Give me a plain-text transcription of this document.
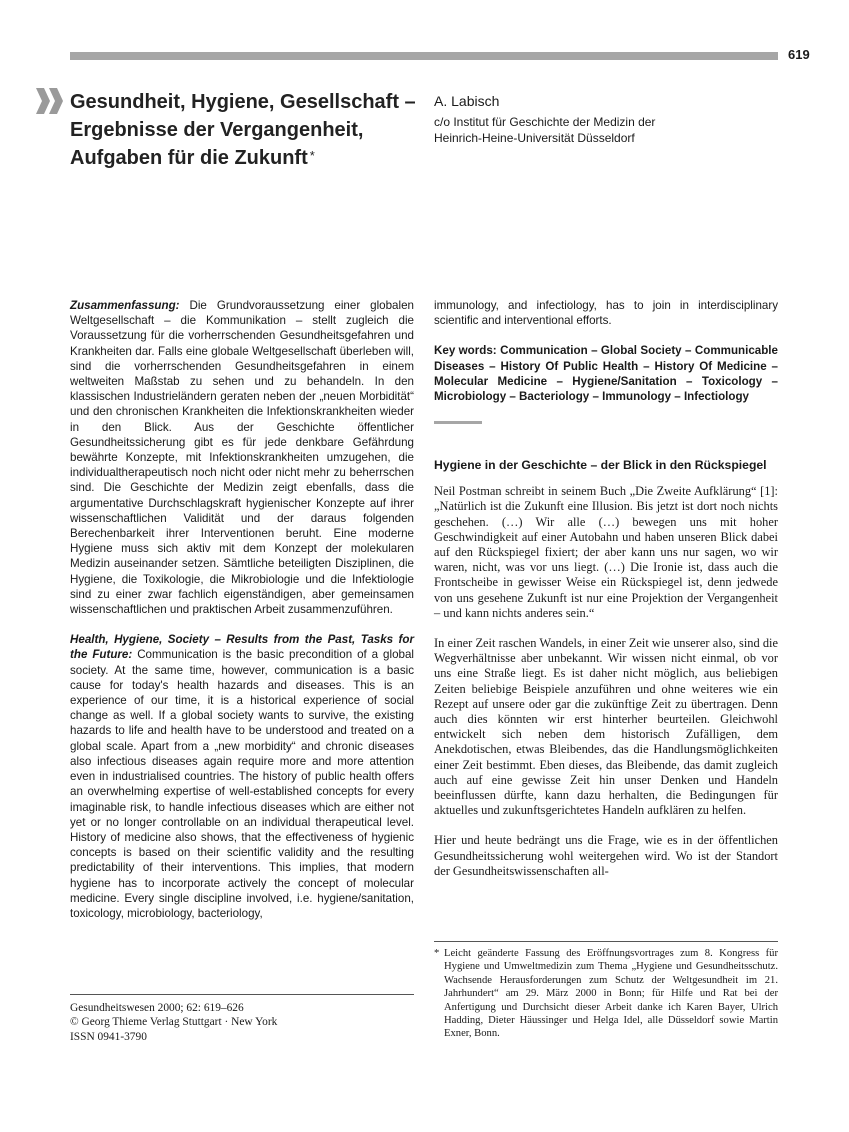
619
Gesundheit, Hygiene, Gesellschaft – Ergebnisse der Vergangenheit, Aufgaben für die Zukunft *
A. Labisch
c/o Institut für Geschichte der Medizin der
Heinrich-Heine-Universität Düsseldorf

Zusammenfassung: Die Grundvoraussetzung einer globalen Weltgesellschaft – die Kommunikation – stellt zugleich die Voraussetzung für die vorherrschenden Gesundheitsgefahren und Krankheiten dar. Falls eine globale Weltgesellschaft überleben will, sind die vorherrschenden Gesundheitsgefahren in einem weltweiten Maßstab zu sehen und zu behandeln. In den klassischen Industrieländern geraten neben der „neuen Morbidität“ und den chronischen Krankheiten die Infektionskrankheiten wieder in den Blick. Aus der Geschichte öffentlicher Gesundheitssicherung gibt es für jede denkbare Gefährdung bewährte Konzepte, mit Infektionskrankheiten umzugehen, die individualtherapeutisch noch nicht oder nicht mehr zu beherrschen sind. Die Geschichte der Medizin zeigt ebenfalls, dass die argumentative Durchschlagskraft hygienischer Konzepte auf ihrer wissenschaftlichen Validität und der daraus folgenden Berechenbarkeit ihrer Interventionen beruht. Eine moderne Hygiene muss sich aktiv mit dem Konzept der molekularen Medizin auseinander setzen. Sämtliche beteiligten Disziplinen, die Hygiene, die Toxikologie, die Mikrobiologie und die Infektiologie sind zu einer zwar fachlich eigenständigen, aber gemeinsamen wissenschaftlichen und praktischen Arbeit zusammenzuführen.

Health, Hygiene, Society – Results from the Past, Tasks for the Future: Communication is the basic precondition of a global society. At the same time, however, communication is a basic cause for today's health hazards and diseases. This is an experience of our time, it is a historical experience of social change as well. If a global society wants to survive, the existing hazards to life and health have to be understood and treated on a global scale. Apart from a „new morbidity“ and chronic diseases also infectious diseases again require more and more attention even in industrialised countries. The history of public health offers an overwhelming expertise of well-established concepts for every imaginable risk, to handle infectious diseases which are either not yet or no longer controllable on an individual therapeutical level. History of medicine also shows, that the effectiveness of hygienic concepts is based on their scientific validity and the resulting predictability of their interventions. This implies, that modern hygiene has to incorporate actively the concept of molecular medicine. Every single discipline involved, i.e. hygiene/sanitation, toxicology, microbiology, bacteriology,

immunology, and infectiology, has to join in interdisciplinary scientific and interventional efforts.

Key words: Communication – Global Society – Communicable Diseases – History Of Public Health – History Of Medicine – Molecular Medicine – Hygiene/Sanitation – Toxicology – Microbiology – Bacteriology – Immunology – Infectiology

Hygiene in der Geschichte – der Blick in den Rückspiegel

Neil Postman schreibt in seinem Buch „Die Zweite Aufklärung“ [1]: „Natürlich ist die Zukunft eine Illusion. Bis jetzt ist dort noch nichts geschehen. (…) Wir alle (…) bewegen uns mit hoher Geschwindigkeit auf einer Autobahn und haben unseren Blick dabei auf den Rückspiegel fixiert; der aber kann uns nur sagen, wo wir waren, nicht, was vor uns liegt. (…) Die Ironie ist, dass auch die Frontscheibe in gewisser Weise ein Rückspiegel ist, denn jedwede von uns gesehene Zukunft ist nur eine Projektion der Vergangenheit – und kann nichts anderes sein.“

In einer Zeit raschen Wandels, in einer Zeit wie unserer also, sind die Wegverhältnisse aber unbekannt. Wir wissen nicht einmal, ob vor uns eine Straße liegt. Es ist daher nicht möglich, aus beliebigen Zeiten beliebige Beispiele anzuführen und ohne weiteres wie ein Rezept auf unsere oder gar die zukünftige Zeit zu übertragen. Denn auch dies könnten wir erst hinterher beurteilen. Gleichwohl entwickelt sich neben dem historisch Zufälligen, dem Anekdotischen, etwas Bleibendes, das die Handlungsmöglichkeiten einer Zeit bestimmt. Eben dieses, das Bleibende, das damit zugleich auch auf eine gewisse Zeit hin unser Denken und Handeln beeinflussen dürfte, kann dazu herhalten, die Bedingungen für aktuelles und zukunftsgerichtetes Handeln aufklären zu helfen.

Hier und heute bedrängt uns die Frage, wie es in der öffentlichen Gesundheitssicherung wohl weitergehen wird. Wo ist der Standort der Gesundheitswissenschaften all-

* Leicht geänderte Fassung des Eröffnungsvortrages zum 8. Kongress für Hygiene und Umweltmedizin zum Thema „Hygiene und Gesundheitsschutz. Wachsende Herausforderungen zum Schutz der Weltgesundheit im 21. Jahrhundert“ am 29. März 2000 in Bonn; für Hilfe und Rat bei der Anfertigung und Durchsicht dieser Arbeit danke ich Karen Bayer, Ulrich Hadding, Dieter Häussinger und Helga Idel, alle Düsseldorf sowie Martin Exner, Bonn.
Gesundheitswesen 2000; 62: 619–626
© Georg Thieme Verlag Stuttgart · New York
ISSN 0941-3790
